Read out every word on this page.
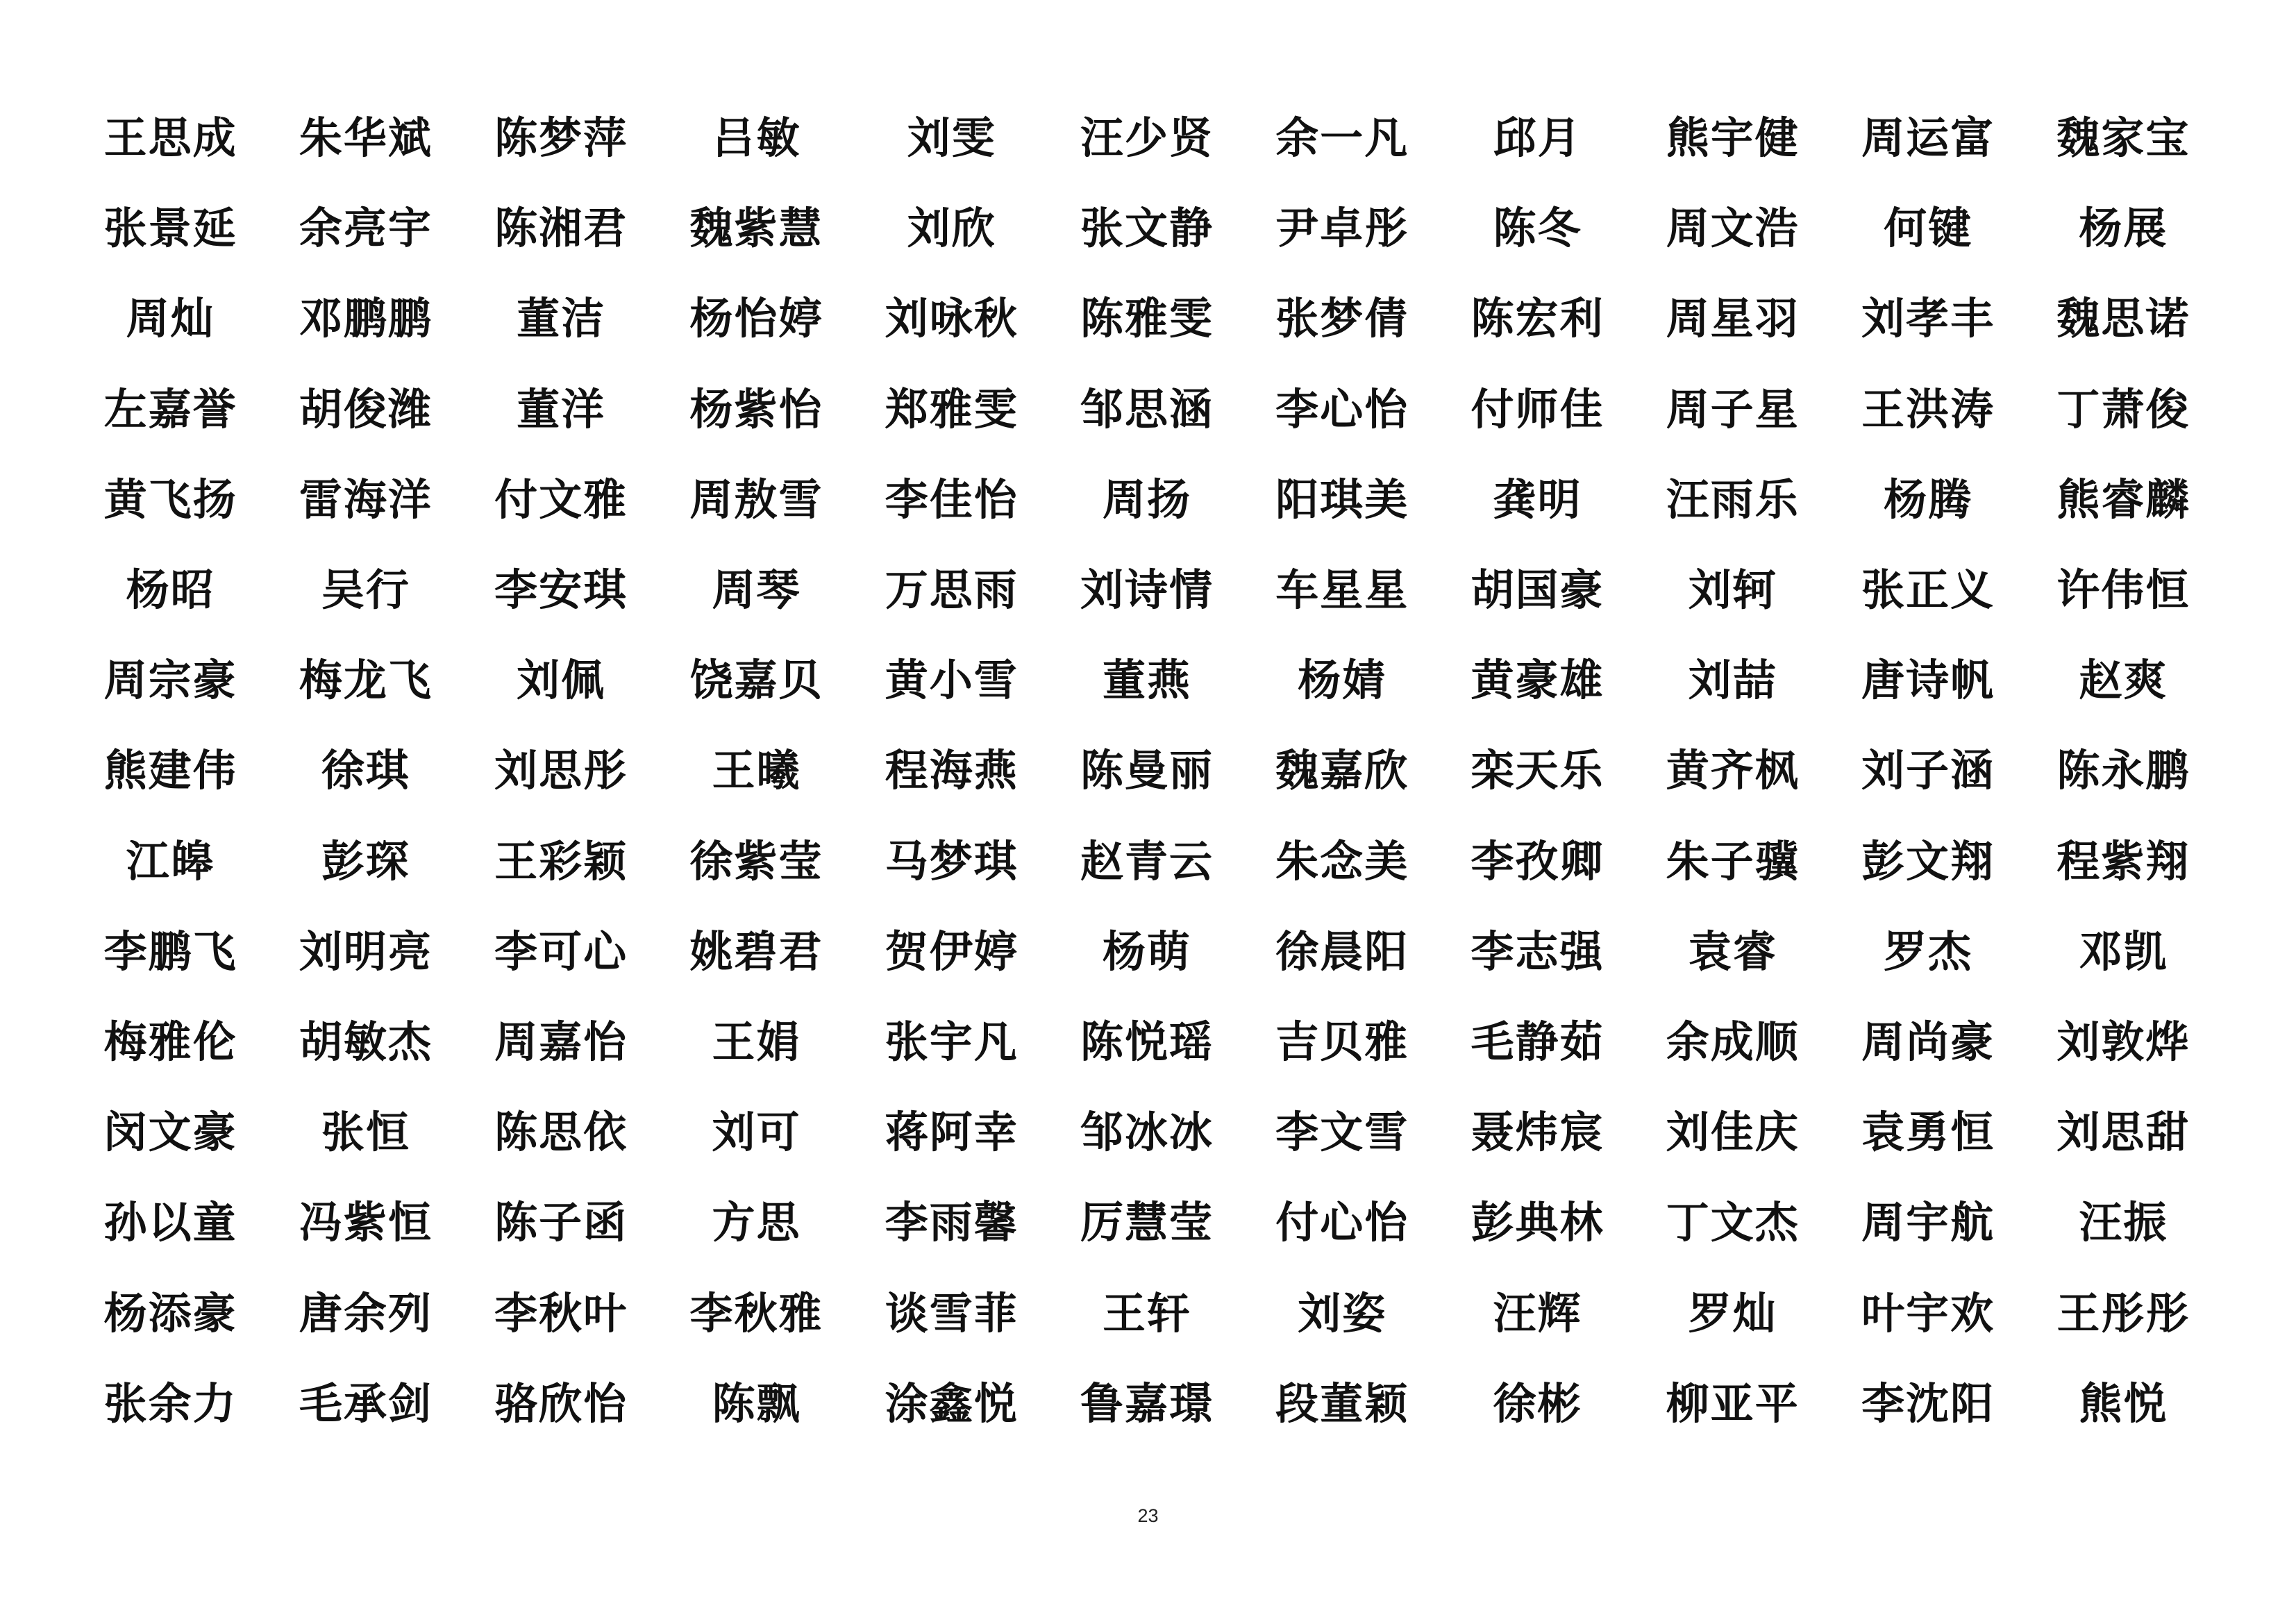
王思成	朱华斌	陈梦萍	吕敏	刘雯	汪少贤	余一凡	邱月	熊宇健	周运富	魏家宝
张景延	余亮宇	陈湘君	魏紫慧	刘欣	张文静	尹卓彤	陈冬	周文浩	何键	杨展
周灿	邓鹏鹏	董洁	杨怡婷	刘咏秋	陈雅雯	张梦倩	陈宏利	周星羽	刘孝丰	魏思诺
左嘉誉	胡俊潍	董洋	杨紫怡	郑雅雯	邹思涵	李心怡	付师佳	周子星	王洪涛	丁萧俊
黄飞扬	雷海洋	付文雅	周敖雪	李佳怡	周扬	阳琪美	龚明	汪雨乐	杨腾	熊睿麟
杨昭	吴行	李安琪	周琴	万思雨	刘诗情	车星星	胡国豪	刘轲	张正义	许伟恒
周宗豪	梅龙飞	刘佩	饶嘉贝	黄小雪	董燕	杨婧	黄豪雄	刘喆	唐诗帆	赵爽
熊建伟	徐琪	刘思彤	王曦	程海燕	陈曼丽	魏嘉欣	栾天乐	黄齐枫	刘子涵	陈永鹏
江皞	彭琛	王彩颖	徐紫莹	马梦琪	赵青云	朱念美	李孜卿	朱子骥	彭文翔	程紫翔
李鹏飞	刘明亮	李可心	姚碧君	贺伊婷	杨萌	徐晨阳	李志强	袁睿	罗杰	邓凯
梅雅伦	胡敏杰	周嘉怡	王娟	张宇凡	陈悦瑶	吉贝雅	毛静茹	余成顺	周尚豪	刘敦烨
闵文豪	张恒	陈思依	刘可	蒋阿幸	邹冰冰	李文雪	聂炜宸	刘佳庆	袁勇恒	刘思甜
孙以童	冯紫恒	陈子函	方思	李雨馨	厉慧莹	付心怡	彭典林	丁文杰	周宇航	汪振
杨添豪	唐余列	李秋叶	李秋雅	谈雪菲	王轩	刘姿	汪辉	罗灿	叶宇欢	王彤彤
张余力	毛承剑	骆欣怡	陈飘	涂鑫悦	鲁嘉璟	段董颖	徐彬	柳亚平	李沈阳	熊悦
23
